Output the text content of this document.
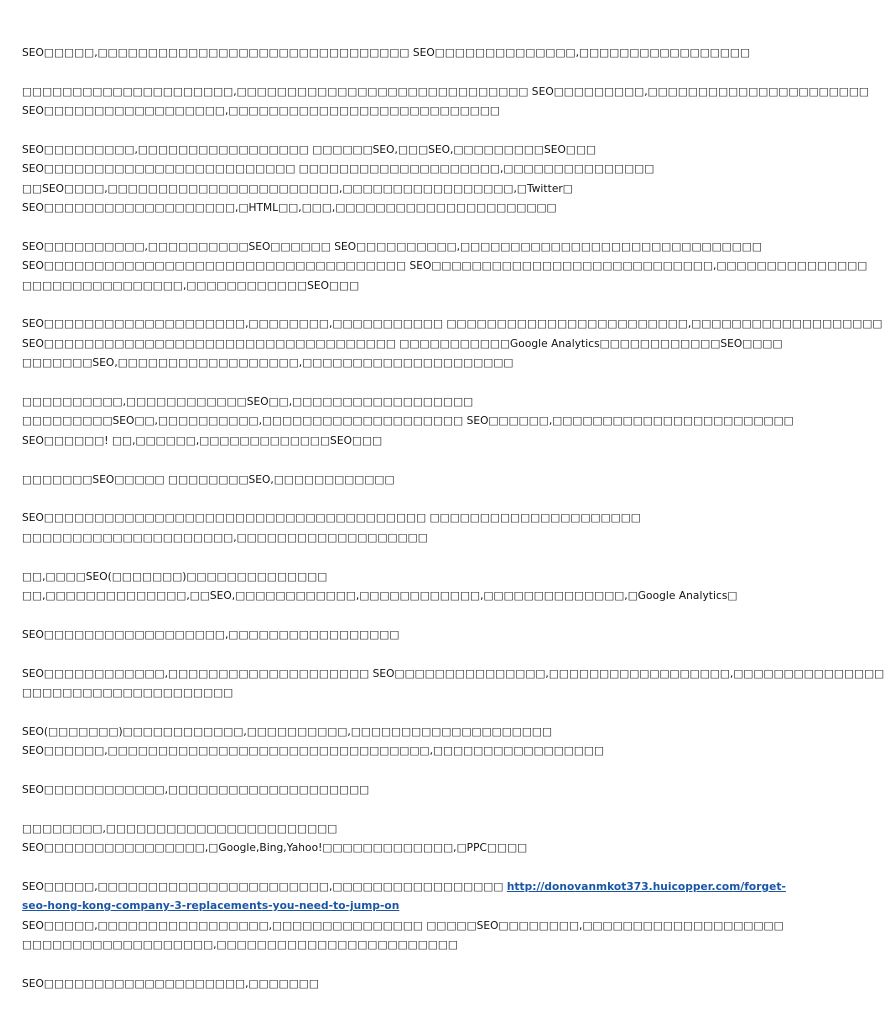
SEO□□□□□,□□□□□□□□□□□□□□□□□□□□□□□□□□□□□□□ SEO□□□□□□□□□□□□□□,□□□□□□□□□□□□□□□□□
□□□□□□□□□□□□□□□□□□□□□,□□□□□□□□□□□□□□□□□□□□□□□□□□□□□ SEO□□□□□□□□□,□□□□□□□□□□□□□□□□□□□□□□
SEO□□□□□□□□□□□□□□□□□□,□□□□□□□□□□□□□□□□□□□□□□□□□□□
SEO□□□□□□□□□,□□□□□□□□□□□□□□□□□ □□□□□□SEO,□□□SEO,□□□□□□□□□SEO□□□
SEO□□□□□□□□□□□□□□□□□□□□□□□□□ □□□□□□□□□□□□□□□□□□□□,□□□□□□□□□□□□□□□
□□SEO□□□□,□□□□□□□□□□□□□□□□□□□□□□□,□□□□□□□□□□□□□□□□□,□Twitter□
SEO□□□□□□□□□□□□□□□□□□□,□HTML□□,□□□,□□□□□□□□□□□□□□□□□□□□□□
SEO□□□□□□□□□□,□□□□□□□□□□SEO□□□□□□ SEO□□□□□□□□□□,□□□□□□□□□□□□□□□□□□□□□□□□□□□□□□
SEO□□□□□□□□□□□□□□□□□□□□□□□□□□□□□□□□□□□□ SEO□□□□□□□□□□□□□□□□□□□□□□□□□□□□,□□□□□□□□□□□□□□□
□□□□□□□□□□□□□□□□,□□□□□□□□□□□□SEO□□□
SEO□□□□□□□□□□□□□□□□□□□□,□□□□□□□□,□□□□□□□□□□□ □□□□□□□□□□□□□□□□□□□□□□□□,□□□□□□□□□□□□□□□□□□□
SEO□□□□□□□□□□□□□□□□□□□□□□□□□□□□□□□□□□□ □□□□□□□□□□□Google Analytics□□□□□□□□□□□□SEO□□□□
□□□□□□□SEO,□□□□□□□□□□□□□□□□□□,□□□□□□□□□□□□□□□□□□□□□
□□□□□□□□□□,□□□□□□□□□□□□SEO□□,□□□□□□□□□□□□□□□□□□
□□□□□□□□□SEO□□,□□□□□□□□□□,□□□□□□□□□□□□□□□□□□□□ SEO□□□□□□,□□□□□□□□□□□□□□□□□□□□□□□□
SEO□□□□□□! □□,□□□□□□,□□□□□□□□□□□□□SEO□□□
□□□□□□□SEO□□□□□ □□□□□□□□SEO,□□□□□□□□□□□□
SEO□□□□□□□□□□□□□□□□□□□□□□□□□□□□□□□□□□□□□□ □□□□□□□□□□□□□□□□□□□□□
□□□□□□□□□□□□□□□□□□□□□,□□□□□□□□□□□□□□□□□□□
□□,□□□□SEO(□□□□□□□)□□□□□□□□□□□□□□
□□,□□□□□□□□□□□□□□,□□SEO,□□□□□□□□□□□□,□□□□□□□□□□□□,□□□□□□□□□□□□□□,□Google Analytics□
SEO□□□□□□□□□□□□□□□□□□,□□□□□□□□□□□□□□□□□
SEO□□□□□□□□□□□□,□□□□□□□□□□□□□□□□□□□□ SEO□□□□□□□□□□□□□□□,□□□□□□□□□□□□□□□□□□,□□□□□□□□□□□□□□□
□□□□□□□□□□□□□□□□□□□□□
SEO(□□□□□□□)□□□□□□□□□□□□,□□□□□□□□□□,□□□□□□□□□□□□□□□□□□□□
SEO□□□□□□,□□□□□□□□□□□□□□□□□□□□□□□□□□□□□□□□,□□□□□□□□□□□□□□□□□
SEO□□□□□□□□□□□□,□□□□□□□□□□□□□□□□□□□□
□□□□□□□□,□□□□□□□□□□□□□□□□□□□□□□□
SEO□□□□□□□□□□□□□□□□,□Google,Bing,Yahoo!□□□□□□□□□□□□□,□PPC□□□□
SEO□□□□□,□□□□□□□□□□□□□□□□□□□□□□□,□□□□□□□□□□□□□□□□□ http://donovanmkot373.huicopper.com/forget-
seo-hong-kong-company-3-replacements-you-need-to-jump-on
SEO□□□□□,□□□□□□□□□□□□□□□□□,□□□□□□□□□□□□□□□ □□□□□SEO□□□□□□□□,□□□□□□□□□□□□□□□□□□□□
□□□□□□□□□□□□□□□□□□□,□□□□□□□□□□□□□□□□□□□□□□□□
SEO□□□□□□□□□□□□□□□□□□□□,□□□□□□□
